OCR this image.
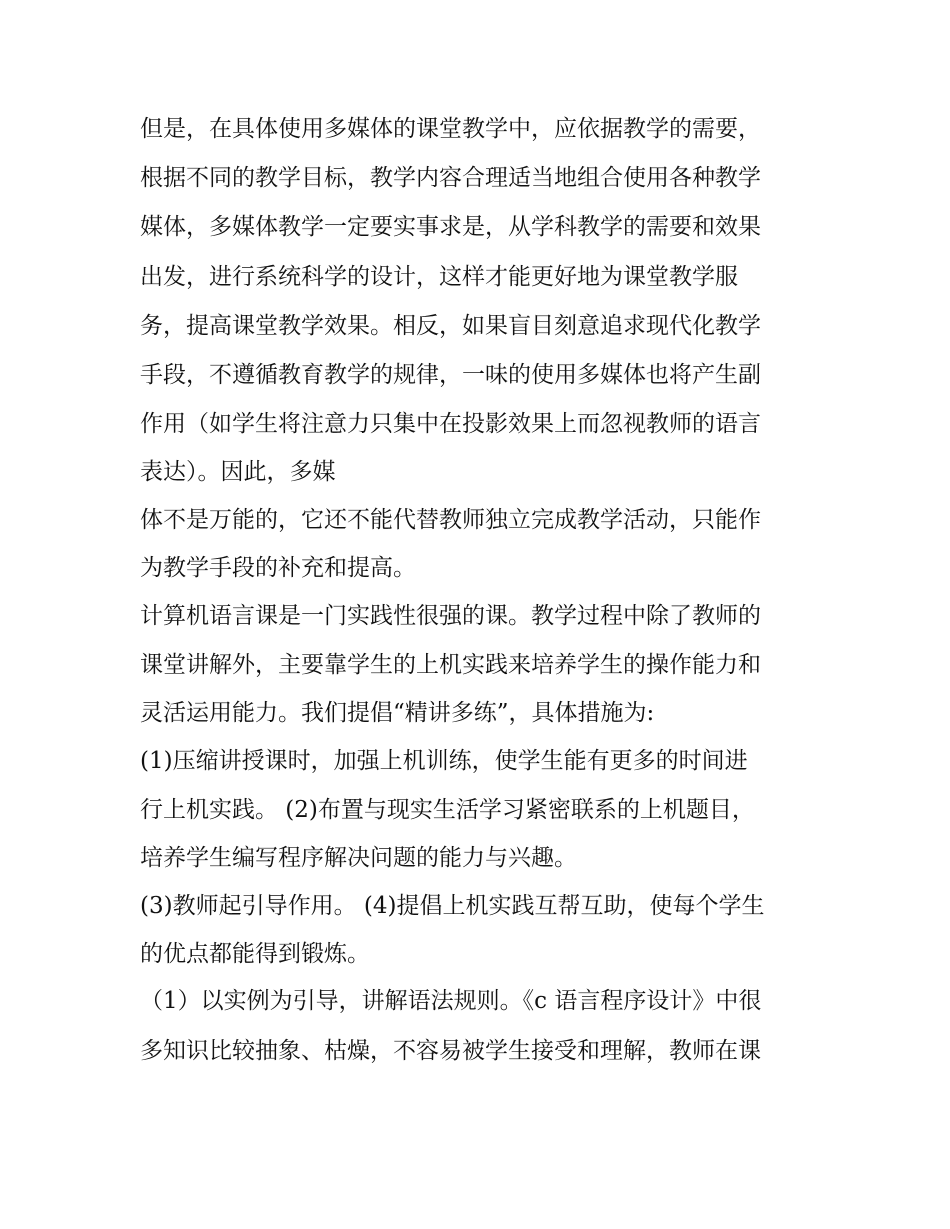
但是，在具体使用多媒体的课堂教学中，应依据教学的需要，
根据不同的教学目标，教学内容合理适当地组合使用各种教学
媒体，多媒体教学一定要实事求是，从学科教学的需要和效果
出发，进行系统科学的设计，这样才能更好地为课堂教学服
务，提高课堂教学效果。相反，如果盲目刻意追求现代化教学
手段，不遵循教育教学的规律，一味的使用多媒体也将产生副
作用（如学生将注意力只集中在投影效果上而忽视教师的语言
表达）。因此，多媒
体不是万能的，它还不能代替教师独立完成教学活动，只能作
为教学手段的补充和提高。
计算机语言课是一门实践性很强的课。教学过程中除了教师的
课堂讲解外，主要靠学生的上机实践来培养学生的操作能力和
灵活运用能力。我们提倡“精讲多练”，具体措施为:
(1)压缩讲授课时，加强上机训练，使学生能有更多的时间进
行上机实践。 (2)布置与现实生活学习紧密联系的上机题目，
培养学生编写程序解决问题的能力与兴趣。
(3)教师起引导作用。 (4)提倡上机实践互帮互助，使每个学生
的优点都能得到锻炼。
（1）以实例为引导，讲解语法规则。《c 语言程序设计》中很
多知识比较抽象、枯燥，不容易被学生接受和理解，教师在课
